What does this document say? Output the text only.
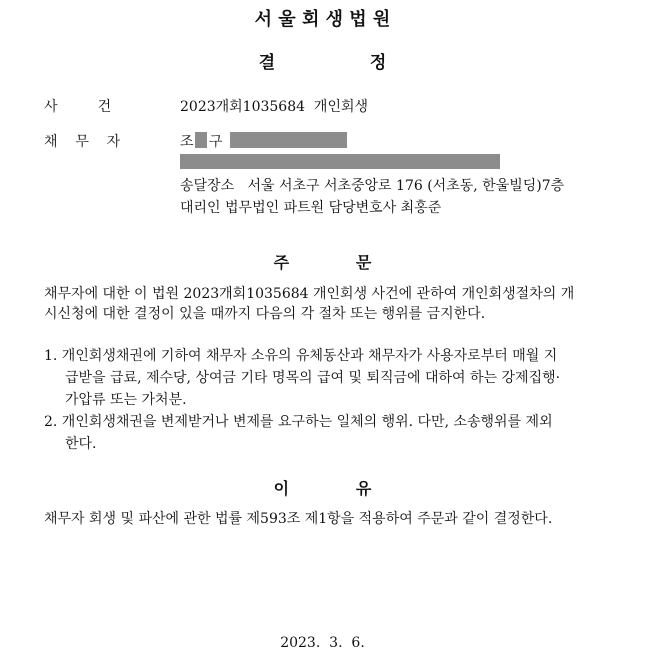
서 울 회 생 법 원
결                정
사         건	2023개회1035684  개인회생
채    무    자	조 구
송달장소   서울 서초구 서초중앙로 176 (서초동, 한울빌딩)7층
대리인 법무법인 파트원 담당변호사 최홍준
주            문
채무자에 대한 이 법원 2023개회1035684 개인회생 사건에 관하여 개인회생절차의 개
시신청에 대한 결정이 있을 때까지 다음의 각 절차 또는 행위를 금지한다.
1. 개인회생채권에 기하여 채무자 소유의 유체동산과 채무자가 사용자로부터 매월 지
급받을 급료, 제수당, 상여금 기타 명목의 급여 및 퇴직금에 대하여 하는 강제집행·
가압류 또는 가처분.
2. 개인회생채권을 변제받거나 변제를 요구하는 일체의 행위. 다만, 소송행위를 제외
한다.
이            유
채무자 회생 및 파산에 관한 법률 제593조 제1항을 적용하여 주문과 같이 결정한다.
2023.  3.  6.
